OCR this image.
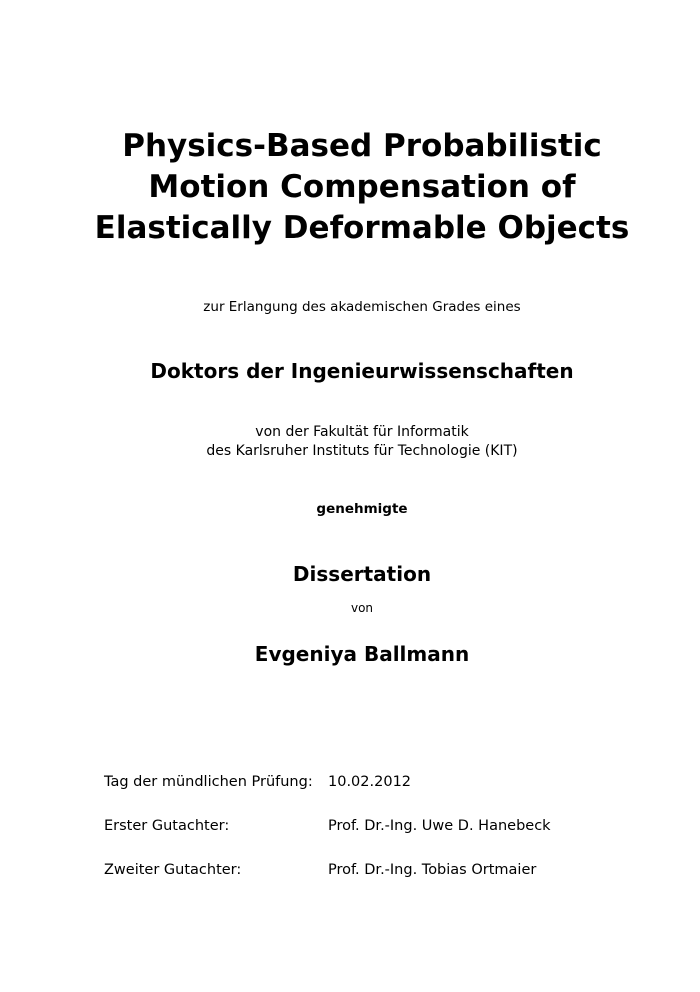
Physics-Based Probabilistic
Motion Compensation of
Elastically Deformable Objects
zur Erlangung des akademischen Grades eines
Doktors der Ingenieurwissenschaften
von der Fakultät für Informatik
des Karlsruher Instituts für Technologie (KIT)
genehmigte
Dissertation
von
Evgeniya Ballmann
Tag der mündlichen Prüfung: 10.02.2012
Erster Gutachter:	Prof. Dr.-Ing. Uwe D. Hanebeck
Zweiter Gutachter:	Prof. Dr.-Ing. Tobias Ortmaier
